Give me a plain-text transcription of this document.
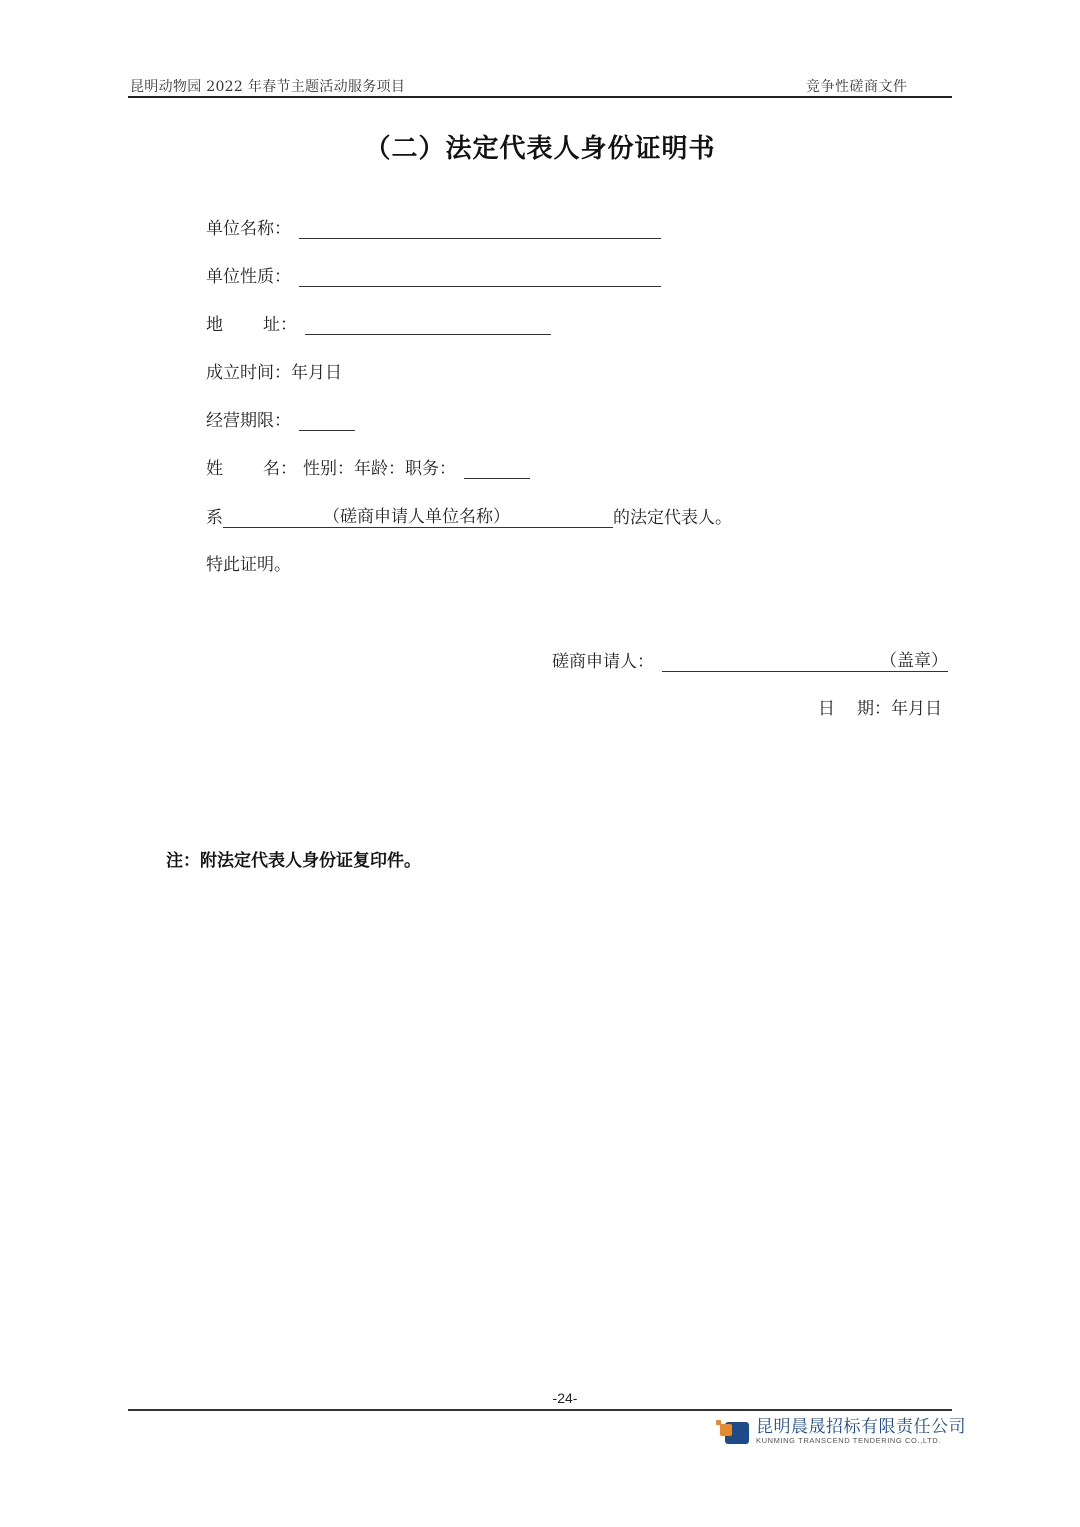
昆明动物园 2022 年春节主题活动服务项目	竞争性磋商文件
（二）法定代表人身份证明书
单位名称：
单位性质：
地 址：
成立时间： 年月日
经营期限：
姓 名： 性别： 年龄： 职务：
系	（磋商申请人单位名称）	的法定代表人。
特此证明。
磋商申请人：	（盖章）
日 期： 年月日
注：附法定代表人身份证复印件。
-24-
昆明晨晟招标有限责任公司
KUNMING TRANSCEND TENDERING CO.,LTD.
